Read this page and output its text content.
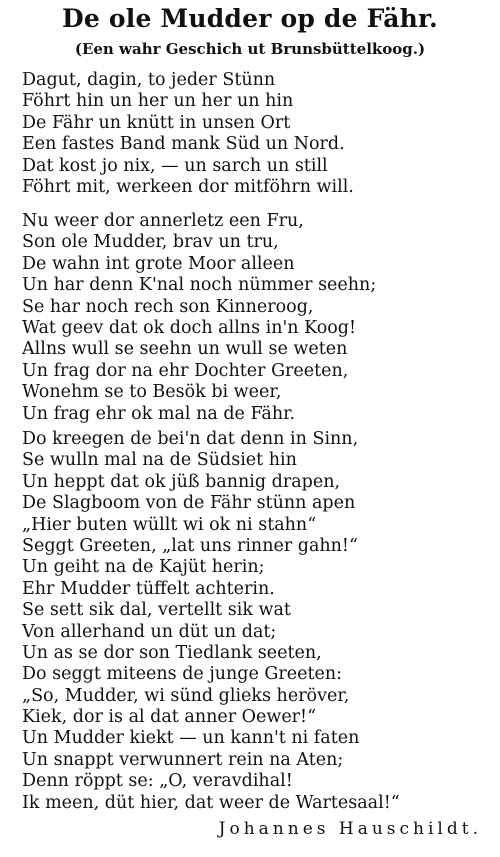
De ole Mudder op de Fähr.
(Een wahr Geschich ut Brunsbüttelkoog.)
Dagut, dagin, to jeder Stünn
Föhrt hin un her un her un hin
De Fähr un knütt in unsen Ort
Een fastes Band mank Süd un Nord.
Dat kost jo nix, — un sarch un still
Föhrt mit, werkeen dor mitföhrn will.
Nu weer dor annerletz een Fru,
Son ole Mudder, brav un tru,
De wahn int grote Moor alleen
Un har denn K'nal noch nümmer seehn;
Se har noch rech son Kinneroog,
Wat geev dat ok doch allns in'n Koog!
Allns wull se seehn un wull se weten
Un frag dor na ehr Dochter Greeten,
Wonehm se to Besök bi weer,
Un frag ehr ok mal na de Fähr.
Do kreegen de bei'n dat denn in Sinn,
Se wulln mal na de Südsiet hin
Un heppt dat ok jüß bannig drapen,
De Slagboom von de Fähr stünn apen
„Hier buten wüllt wi ok ni stahn“
Seggt Greeten, „lat uns rinner gahn!“
Un geiht na de Kajüt herin;
Ehr Mudder tüffelt achterin.
Se sett sik dal, vertellt sik wat
Von allerhand un düt un dat;
Un as se dor son Tiedlank seeten,
Do seggt miteens de junge Greeten:
„So, Mudder, wi sünd glieks heröver,
Kiek, dor is al dat anner Oewer!“
Un Mudder kiekt — un kann't ni faten
Un snappt verwunnert rein na Aten;
Denn röppt se: „O, veravdihal!
Ik meen, düt hier, dat weer de Wartesaal!“
Johannes Hauschildt.
